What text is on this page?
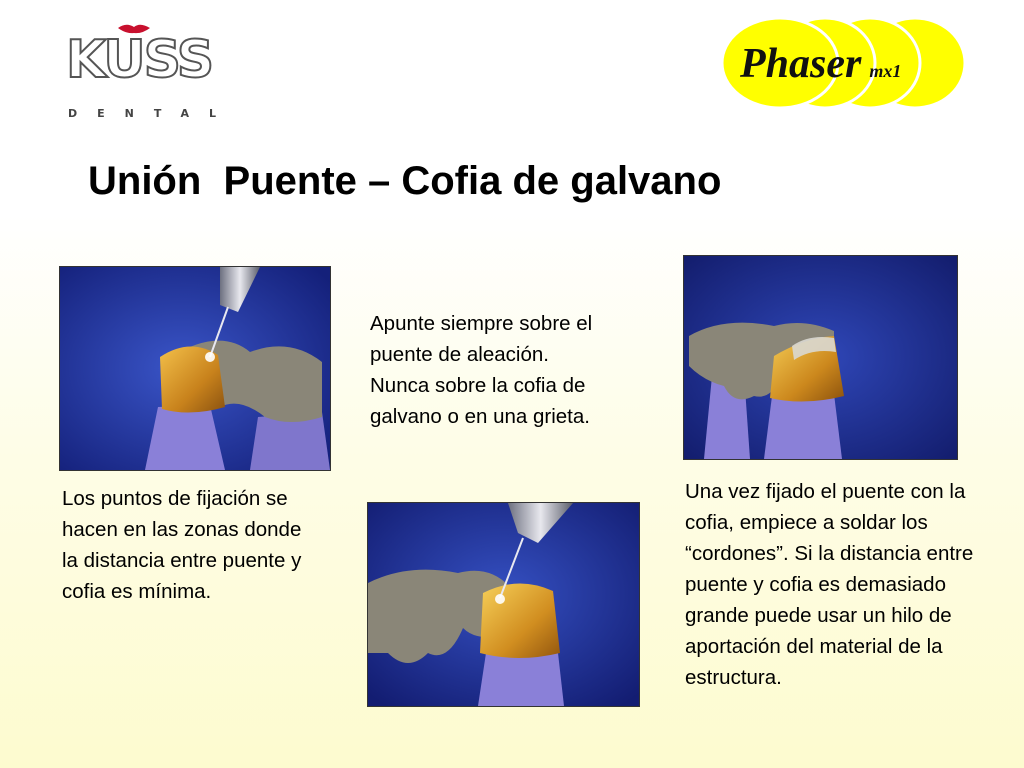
KUSS
DENTAL
Phaser mx1
Unión  Puente – Cofia de galvano

Los puntos de fijación se hacen en las zonas donde la distancia entre puente y cofia es mínima.

Apunte siempre sobre el puente de aleación. Nunca sobre la cofia de galvano o en una grieta.

Una vez fijado el puente con la cofia, empiece a soldar los “cordones”. Si la distancia entre puente y cofia es demasiado grande puede usar un hilo de aportación del material de la estructura.
